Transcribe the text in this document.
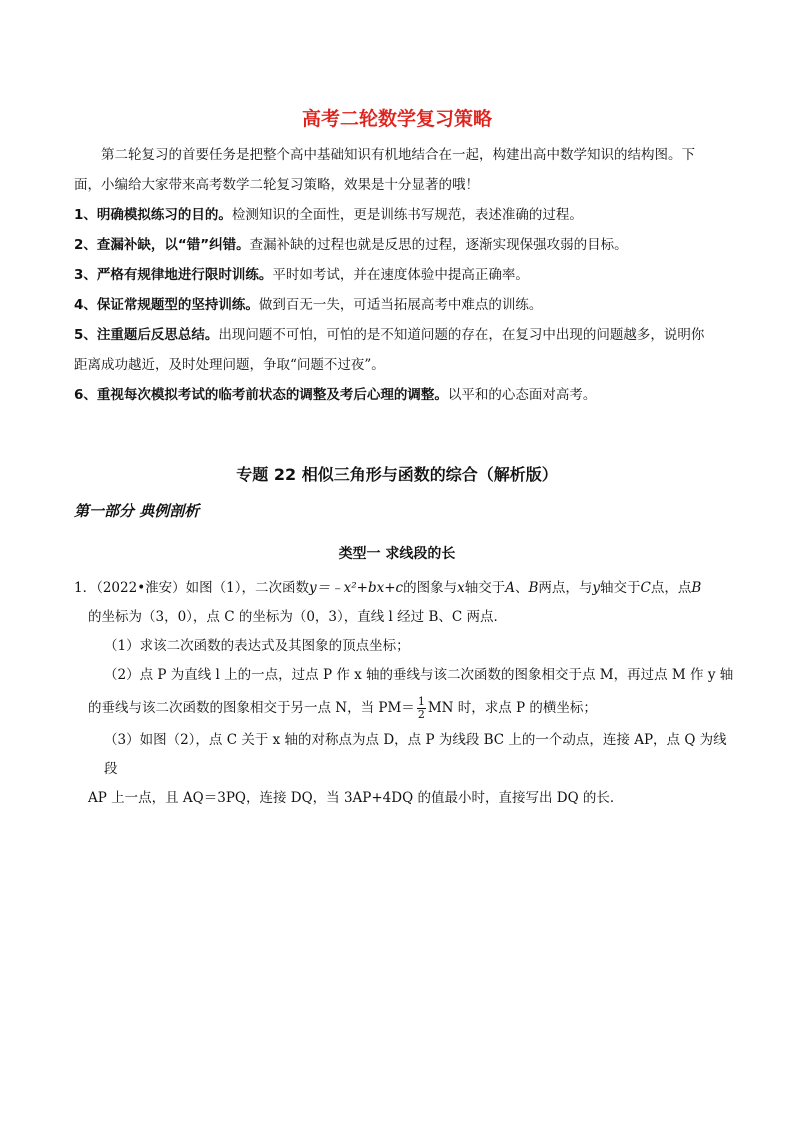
高考二轮数学复习策略

第二轮复习的首要任务是把整个高中基础知识有机地结合在一起，构建出高中数学知识的结构图。下

面，小编给大家带来高考数学二轮复习策略，效果是十分显著的哦！

1、明确模拟练习的目的。检测知识的全面性，更是训练书写规范，表述准确的过程。

2、查漏补缺，以“错”纠错。查漏补缺的过程也就是反思的过程，逐渐实现保强攻弱的目标。

3、严格有规律地进行限时训练。平时如考试，并在速度体验中提高正确率。

4、保证常规题型的坚持训练。做到百无一失，可适当拓展高考中难点的训练。

5、注重题后反思总结。出现问题不可怕，可怕的是不知道问题的存在，在复习中出现的问题越多，说明你

距离成功越近，及时处理问题，争取“问题不过夜”。

6、重视每次模拟考试的临考前状态的调整及考后心理的调整。以平和的心态面对高考。

专题 22 相似三角形与函数的综合（解析版）
第一部分 典例剖析
类型一 求线段的长

1．（2022•淮安）如图（1），二次函数y＝﹣x²+bx+c的图象与x轴交于A、B两点，与y轴交于C点，点B

的坐标为（3，0），点 C 的坐标为（0，3），直线 l 经过 B、C 两点．

（1）求该二次函数的表达式及其图象的顶点坐标；

（2）点 P 为直线 l 上的一点，过点 P 作 x 轴的垂线与该二次函数的图象相交于点 M，再过点 M 作 y 轴

的垂线与该二次函数的图象相交于另一点 N，当 $PM= \frac{1}{2}$ MN 时，求点 P 的横坐标；

（3）如图（2），点 C 关于 x 轴的对称点为点 D，点 P 为线段 BC 上的一个动点，连接 AP，点 Q 为线段

AP 上一点，且 AQ＝3PQ，连接 DQ，当 3AP+4DQ 的值最小时，直接写出 DQ 的长．
